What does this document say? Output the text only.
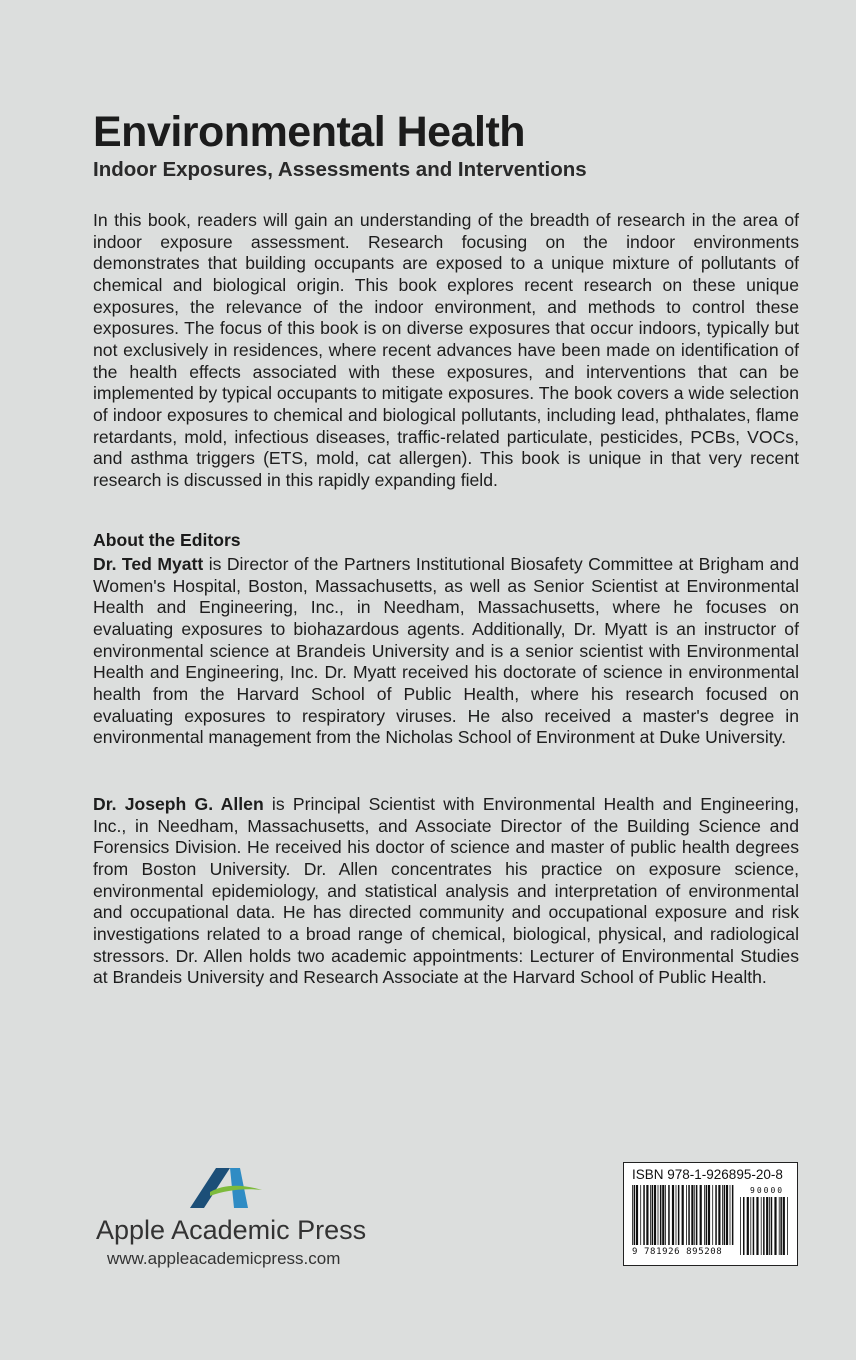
Environmental Health
Indoor Exposures, Assessments and Interventions

In this book, readers will gain an understanding of the breadth of research in the area of indoor exposure assessment. Research focusing on the indoor environments demonstrates that building occupants are exposed to a unique mixture of pollutants of chemical and biological origin. This book explores recent research on these unique exposures, the relevance of the indoor environment, and methods to control these exposures. The focus of this book is on diverse exposures that occur indoors, typically but not exclusively in residences, where recent advances have been made on identification of the health effects associated with these exposures, and interventions that can be implemented by typical occupants to mitigate exposures. The book covers a wide selection of indoor exposures to chemical and biological pollutants, including lead, phthalates, flame retardants, mold, infectious diseases, traffic-related particulate, pesticides, PCBs, VOCs, and asthma triggers (ETS, mold, cat allergen). This book is unique in that very recent research is discussed in this rapidly expanding field.

About the Editors

Dr. Ted Myatt is Director of the Partners Institutional Biosafety Committee at Brigham and Women's Hospital, Boston, Massachusetts, as well as Senior Scientist at Environmental Health and Engineering, Inc., in Needham, Massachusetts, where he focuses on evaluating exposures to biohazardous agents. Additionally, Dr. Myatt is an instructor of environmental science at Brandeis University and is a senior scientist with Environmental Health and Engineering, Inc. Dr. Myatt received his doctorate of science in environmental health from the Harvard School of Public Health, where his research focused on evaluating exposures to respiratory viruses. He also received a master's degree in environmental management from the Nicholas School of Environment at Duke University.

Dr. Joseph G. Allen is Principal Scientist with Environmental Health and Engineering, Inc., in Needham, Massachusetts, and Associate Director of the Building Science and Forensics Division. He received his doctor of science and master of public health degrees from Boston University. Dr. Allen concentrates his practice on exposure science, environmental epidemiology, and statistical analysis and interpretation of environmental and occupational data. He has directed community and occupational exposure and risk investigations related to a broad range of chemical, biological, physical, and radiological stressors. Dr. Allen holds two academic appointments: Lecturer of Environmental Studies at Brandeis University and Research Associate at the Harvard School of Public Health.

Apple Academic Press

www.appleacademicpress.com

ISBN 978-1-926895-20-8
90000
9 781926 895208
